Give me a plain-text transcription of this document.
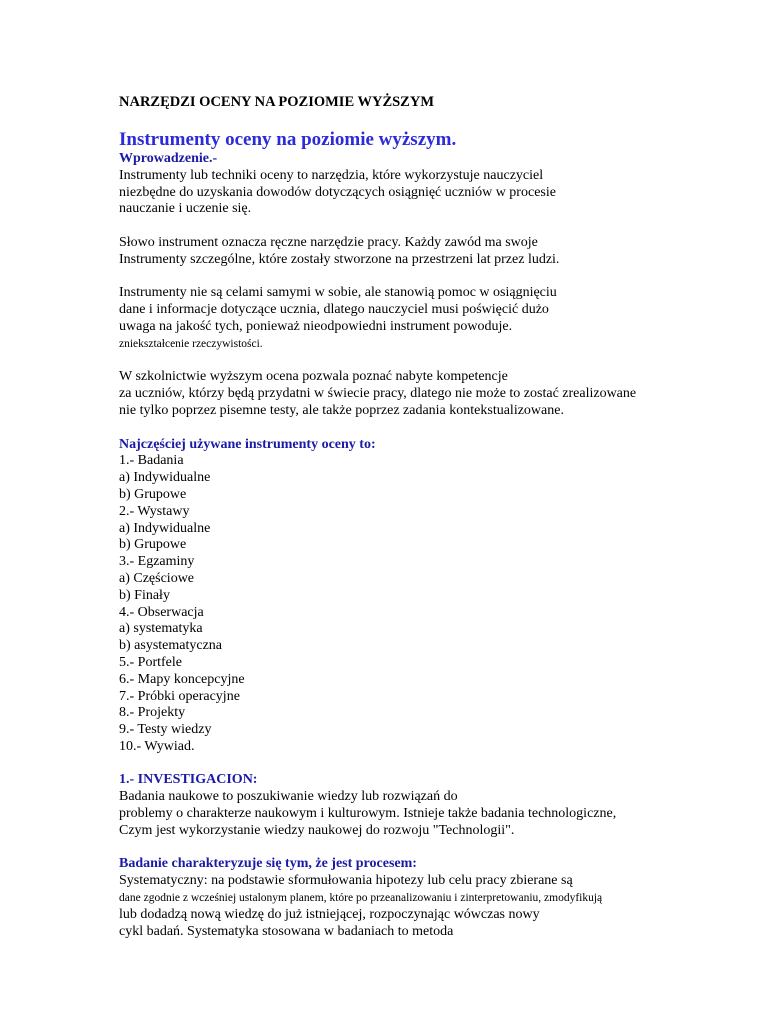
NARZĘDZI OCENY NA POZIOMIE WYŻSZYM
Instrumenty oceny na poziomie wyższym.
Wprowadzenie.-
Instrumenty lub techniki oceny to narzędzia, które wykorzystuje nauczyciel
niezbędne do uzyskania dowodów dotyczących osiągnięć uczniów w procesie
nauczanie i uczenie się.
Słowo instrument oznacza ręczne narzędzie pracy. Każdy zawód ma swoje
Instrumenty szczególne, które zostały stworzone na przestrzeni lat przez ludzi.
Instrumenty nie są celami samymi w sobie, ale stanowią pomoc w osiągnięciu
dane i informacje dotyczące ucznia, dlatego nauczyciel musi poświęcić dużo
uwaga na jakość tych, ponieważ nieodpowiedni instrument powoduje.
zniekształcenie rzeczywistości.
W szkolnictwie wyższym ocena pozwala poznać nabyte kompetencje
za uczniów, którzy będą przydatni w świecie pracy, dlatego nie może to zostać zrealizowane
nie tylko poprzez pisemne testy, ale także poprzez zadania kontekstualizowane.
Najczęściej używane instrumenty oceny to:
1.- Badania
a) Indywidualne
b) Grupowe
2.- Wystawy
a) Indywidualne
b) Grupowe
3.- Egzaminy
a) Częściowe
b) Finały
4.- Obserwacja
a) systematyka
b) asystematyczna
5.- Portfele
6.- Mapy koncepcyjne
7.- Próbki operacyjne
8.- Projekty
9.- Testy wiedzy
10.- Wywiad.
1.- INVESTIGACION:
Badania naukowe to poszukiwanie wiedzy lub rozwiązań do
problemy o charakterze naukowym i kulturowym. Istnieje także badania technologiczne,
Czym jest wykorzystanie wiedzy naukowej do rozwoju "Technologii".
Badanie charakteryzuje się tym, że jest procesem:
Systematyczny: na podstawie sformułowania hipotezy lub celu pracy zbierane są
dane zgodnie z wcześniej ustalonym planem, które po przeanalizowaniu i zinterpretowaniu, zmodyfikują
lub dodadzą nową wiedzę do już istniejącej, rozpoczynając wówczas nowy
cykl badań. Systematyka stosowana w badaniach to metoda
